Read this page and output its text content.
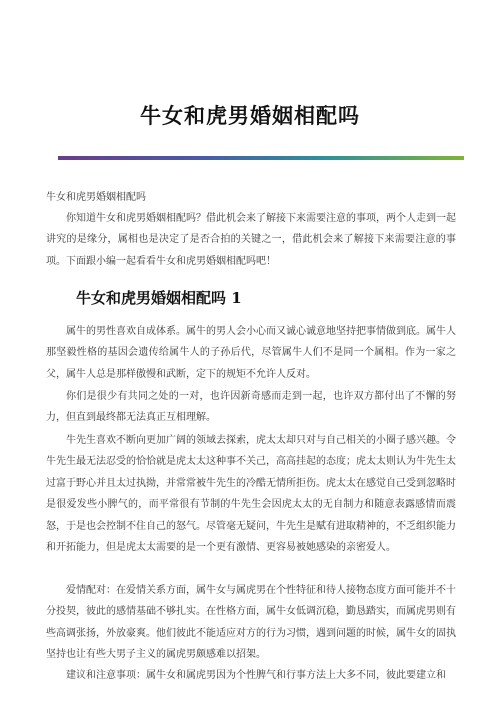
牛女和虎男婚姻相配吗
牛女和虎男婚姻相配吗

你知道牛女和虎男婚姻相配吗？借此机会来了解接下来需要注意的事项，两个人走到一起讲究的是缘分，属相也是决定了是否合拍的关键之一，借此机会来了解接下来需要注意的事项。下面跟小编一起看看牛女和虎男婚姻相配吗吧！

牛女和虎男婚姻相配吗 1

属牛的男性喜欢自成体系。属牛的男人会小心而又诚心诚意地坚持把事情做到底。属牛人那坚毅性格的基因会遗传给属牛人的子孙后代，尽管属牛人们不是同一个属相。作为一家之父，属牛人总是那样傲慢和武断，定下的规矩不允许人反对。

你们是很少有共同之处的一对，也许因新奇感而走到一起，也许双方都付出了不懈的努力，但直到最终都无法真正互相理解。

牛先生喜欢不断向更加广阔的领域去探索，虎太太却只对与自己相关的小圈子感兴趣。令牛先生最无法忍受的恰恰就是虎太太这种事不关己，高高挂起的态度；虎太太则认为牛先生太过富于野心并且太过执拗，并常常被牛先生的冷酷无情所拒伤。虎太太在感觉自己受到忽略时是很爱发些小脾气的，而平常很有节制的牛先生会因虎太太的无自制力和随意表露感情而震怒，于是也会控制不住自己的怒气。尽管毫无疑问，牛先生是赋有进取精神的，不乏组织能力和开拓能力，但是虎太太需要的是一个更有激情、更容易被她感染的亲密爱人。

爱情配对：在爱情关系方面，属牛女与属虎男在个性特征和待人接物态度方面可能并不十分投契，彼此的感情基础不够扎实。在性格方面，属牛女低调沉稳，勤恳踏实，而属虎男则有些高调张扬，外放豪爽。他们彼此不能适应对方的行为习惯，遇到问题的时候，属牛女的固执坚持也让有些大男子主义的属虎男颇感难以招架。

建议和注意事项：属牛女和属虎男因为个性脾气和行事方法上大多不同，彼此要建立和
